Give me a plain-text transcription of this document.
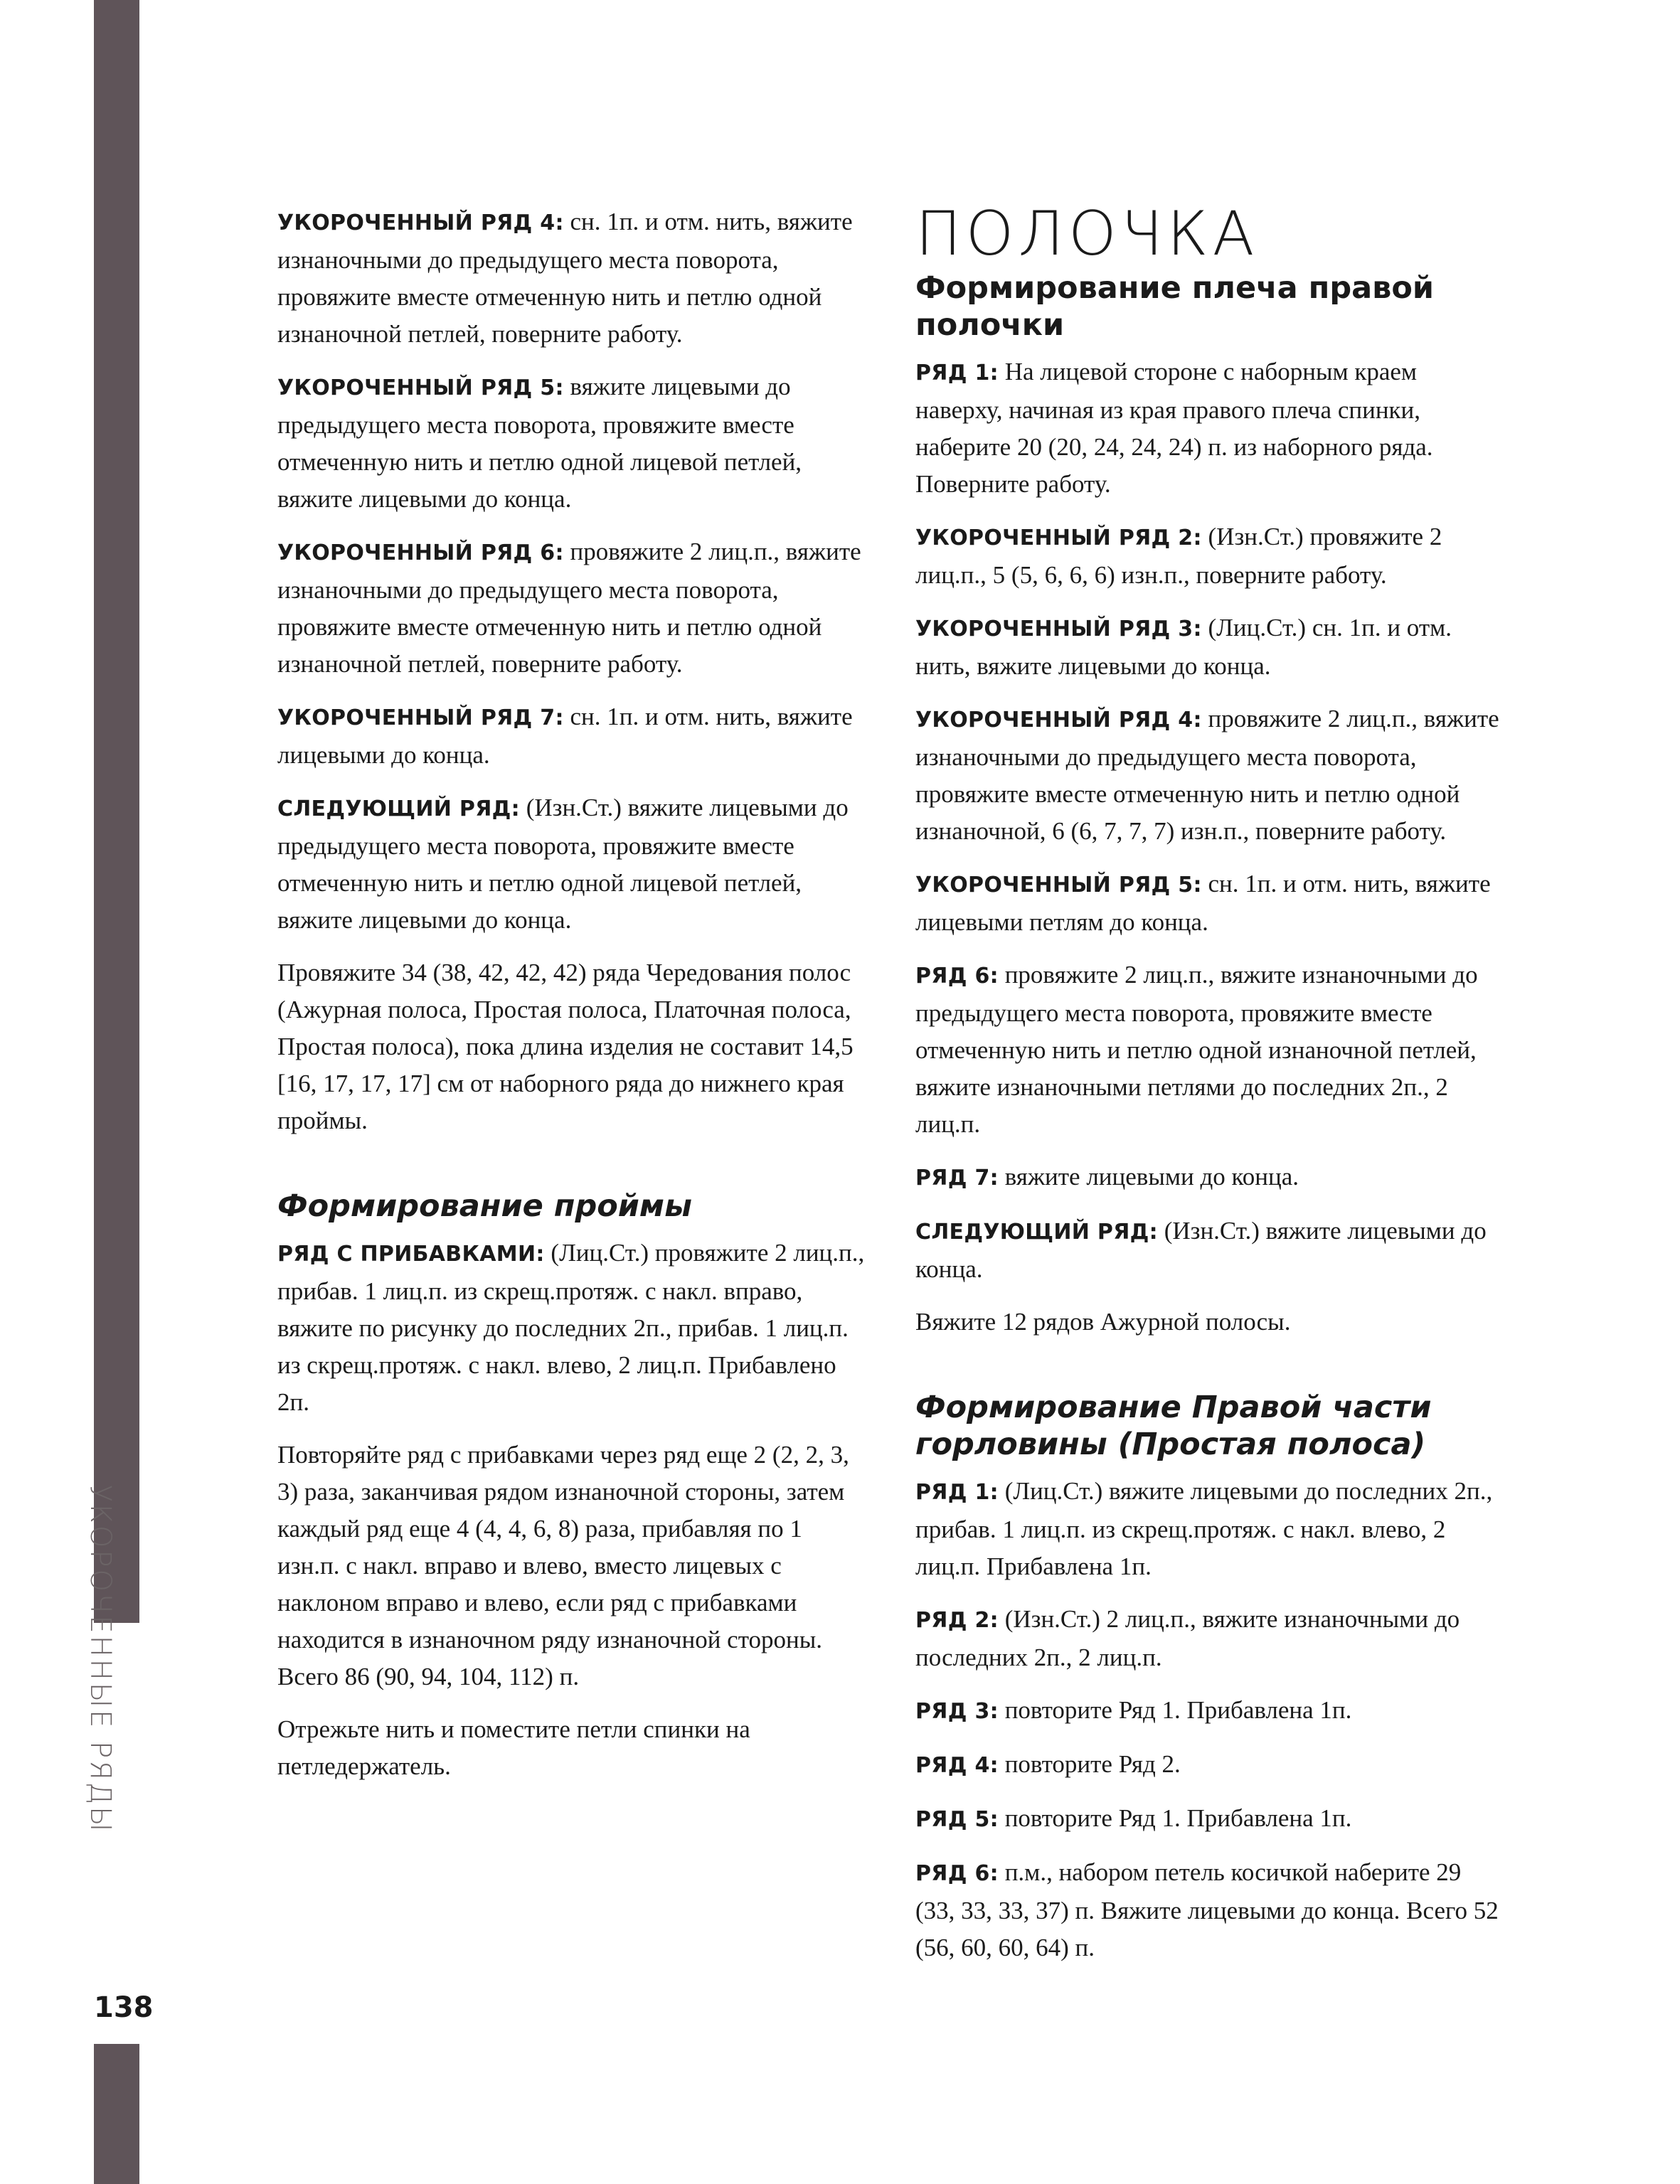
УКОРОЧЕННЫЕ РЯДЫ
138

УКОРОЧЕННЫЙ РЯД 4: сн. 1п. и отм. нить, вяжите изнаночными до предыдущего места поворота, провяжите вместе отмеченную нить и петлю одной изнаночной петлей, поверните работу.

УКОРОЧЕННЫЙ РЯД 5: вяжите лицевыми до предыдущего места поворота, провяжите вместе отмеченную нить и петлю одной лицевой петлей, вяжите лицевыми до конца.

УКОРОЧЕННЫЙ РЯД 6: провяжите 2 лиц.п., вяжите изнаночными до предыдущего места поворота, провяжите вместе отмеченную нить и петлю одной изнаночной петлей, поверните работу.

УКОРОЧЕННЫЙ РЯД 7: сн. 1п. и отм. нить, вяжите лицевыми до конца.

СЛЕДУЮЩИЙ РЯД: (Изн.Ст.) вяжите лицевыми до предыдущего места поворота, провяжите вместе отмеченную нить и петлю одной лицевой петлей, вяжите лицевыми до конца.

Провяжите 34 (38, 42, 42, 42) ряда Чередования полос (Ажурная полоса, Простая полоса, Платочная полоса, Простая полоса), пока длина изделия не составит 14,5 [16, 17, 17, 17] см от наборного ряда до нижнего края проймы.

Формирование проймы

РЯД С ПРИБАВКАМИ: (Лиц.Ст.) провяжите 2 лиц.п., прибав. 1 лиц.п. из скрещ.протяж. с накл. вправо, вяжите по рисунку до последних 2п., прибав. 1 лиц.п. из скрещ.протяж. с накл. влево, 2 лиц.п. Прибавлено 2п.

Повторяйте ряд с прибавками через ряд еще 2 (2, 2, 3, 3) раза, заканчивая рядом изнаночной стороны, затем каждый ряд еще 4 (4, 4, 6, 8) раза, прибавляя по 1 изн.п. с накл. вправо и влево, вместо лицевых с наклоном вправо и влево, если ряд с прибавками находится в изнаночном ряду изнаночной стороны. Всего 86 (90, 94, 104, 112) п.

Отрежьте нить и поместите петли спинки на петледержатель.

ПОЛОЧКА
Формирование плеча правой полочки

РЯД 1: На лицевой стороне с наборным краем наверху, начиная из края правого плеча спинки, наберите 20 (20, 24, 24, 24) п. из наборного ряда. Поверните работу.

УКОРОЧЕННЫЙ РЯД 2: (Изн.Ст.) провяжите 2 лиц.п., 5 (5, 6, 6, 6) изн.п., поверните работу.

УКОРОЧЕННЫЙ РЯД 3: (Лиц.Ст.) сн. 1п. и отм. нить, вяжите лицевыми до конца.

УКОРОЧЕННЫЙ РЯД 4: провяжите 2 лиц.п., вяжите изнаночными до предыдущего места поворота, провяжите вместе отмеченную нить и петлю одной изнаночной, 6 (6, 7, 7, 7) изн.п., поверните работу.

УКОРОЧЕННЫЙ РЯД 5: сн. 1п. и отм. нить, вяжите лицевыми петлям до конца.

РЯД 6: провяжите 2 лиц.п., вяжите изнаночными до предыдущего места поворота, провяжите вместе отмеченную нить и петлю одной изнаночной петлей, вяжите изнаночными петлями до последних 2п., 2 лиц.п.

РЯД 7: вяжите лицевыми до конца.

СЛЕДУЮЩИЙ РЯД: (Изн.Ст.) вяжите лицевыми до конца.

Вяжите 12 рядов Ажурной полосы.

Формирование Правой части горловины (Простая полоса)

РЯД 1: (Лиц.Ст.) вяжите лицевыми до последних 2п., прибав. 1 лиц.п. из скрещ.протяж. с накл. влево, 2 лиц.п. Прибавлена 1п.

РЯД 2: (Изн.Ст.) 2 лиц.п., вяжите изнаночными до последних 2п., 2 лиц.п.

РЯД 3: повторите Ряд 1. Прибавлена 1п.

РЯД 4: повторите Ряд 2.

РЯД 5: повторите Ряд 1. Прибавлена 1п.

РЯД 6: п.м., набором петель косичкой наберите 29 (33, 33, 33, 37) п. Вяжите лицевыми до конца. Всего 52 (56, 60, 60, 64) п.
